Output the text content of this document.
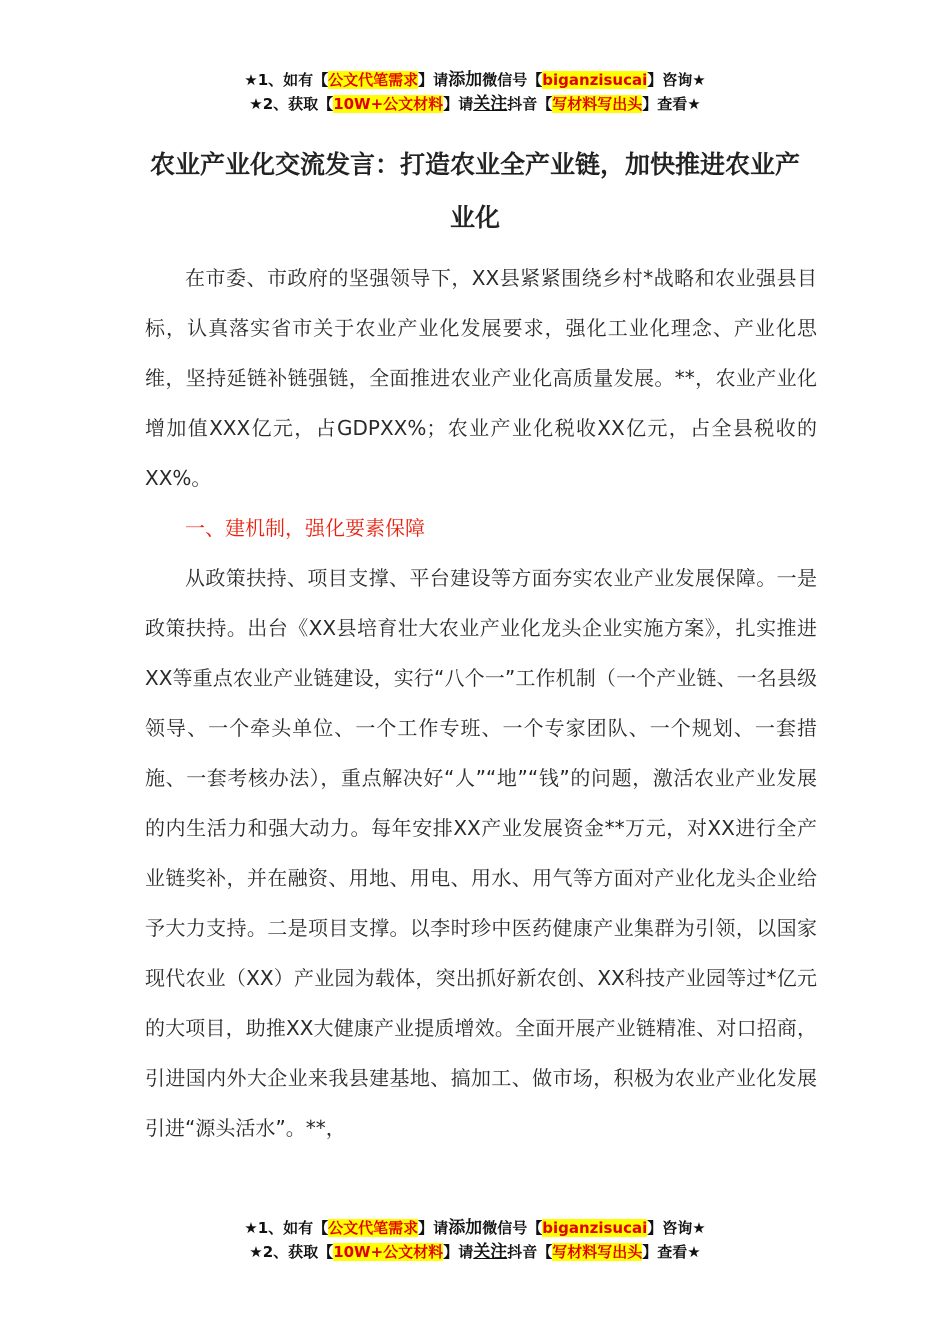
★1、如有【公文代笔需求】请添加微信号【biganzisucai】咨询★
★2、获取【10W+公文材料】请关注抖音【写材料写出头】查看★
农业产业化交流发言：打造农业全产业链，加快推进农业产业化

在市委、市政府的坚强领导下，XX县紧紧围绕乡村*战略和农业强县目标，认真落实省市关于农业产业化发展要求，强化工业化理念、产业化思维，坚持延链补链强链，全面推进农业产业化高质量发展。**，农业产业化增加值XXX亿元，占GDPXX%；农业产业化税收XX亿元，占全县税收的XX%。

一、建机制，强化要素保障

从政策扶持、项目支撑、平台建设等方面夯实农业产业发展保障。一是政策扶持。出台《XX县培育壮大农业产业化龙头企业实施方案》，扎实推进XX等重点农业产业链建设，实行“八个一”工作机制（一个产业链、一名县级领导、一个牵头单位、一个工作专班、一个专家团队、一个规划、一套措施、一套考核办法），重点解决好“人”“地”“钱”的问题，激活农业产业发展的内生活力和强大动力。每年安排XX产业发展资金**万元，对XX进行全产业链奖补，并在融资、用地、用电、用水、用气等方面对产业化龙头企业给予大力支持。二是项目支撑。以李时珍中医药健康产业集群为引领，以国家现代农业（XX）产业园为载体，突出抓好新农创、XX科技产业园等过*亿元的大项目，助推XX大健康产业提质增效。全面开展产业链精准、对口招商，引进国内外大企业来我县建基地、搞加工、做市场，积极为农业产业化发展引进“源头活水”。**，

★1、如有【公文代笔需求】请添加微信号【biganzisucai】咨询★
★2、获取【10W+公文材料】请关注抖音【写材料写出头】查看★
